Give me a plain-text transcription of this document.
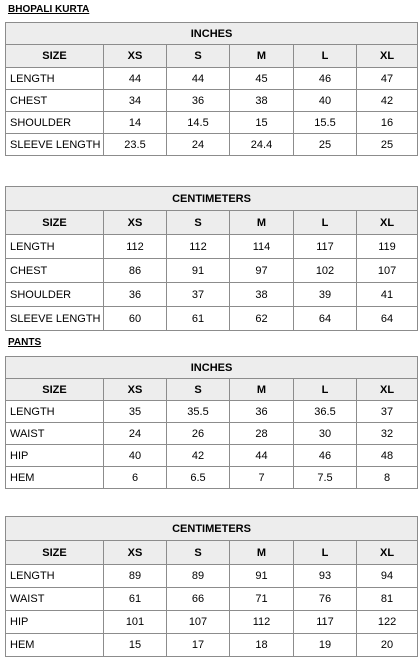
BHOPALI KURTA
INCHES					
SIZE	XS	S	M	L	XL
LENGTH	44	44	45	46	47
CHEST	34	36	38	40	42
SHOULDER	14	14.5	15	15.5	16
SLEEVE LENGTH	23.5	24	24.4	25	25
CENTIMETERS					
SIZE	XS	S	M	L	XL
LENGTH	112	112	114	117	119
CHEST	86	91	97	102	107
SHOULDER	36	37	38	39	41
SLEEVE LENGTH	60	61	62	64	64
PANTS
INCHES					
SIZE	XS	S	M	L	XL
LENGTH	35	35.5	36	36.5	37
WAIST	24	26	28	30	32
HIP	40	42	44	46	48
HEM	6	6.5	7	7.5	8
CENTIMETERS					
SIZE	XS	S	M	L	XL
LENGTH	89	89	91	93	94
WAIST	61	66	71	76	81
HIP	101	107	112	117	122
HEM	15	17	18	19	20
